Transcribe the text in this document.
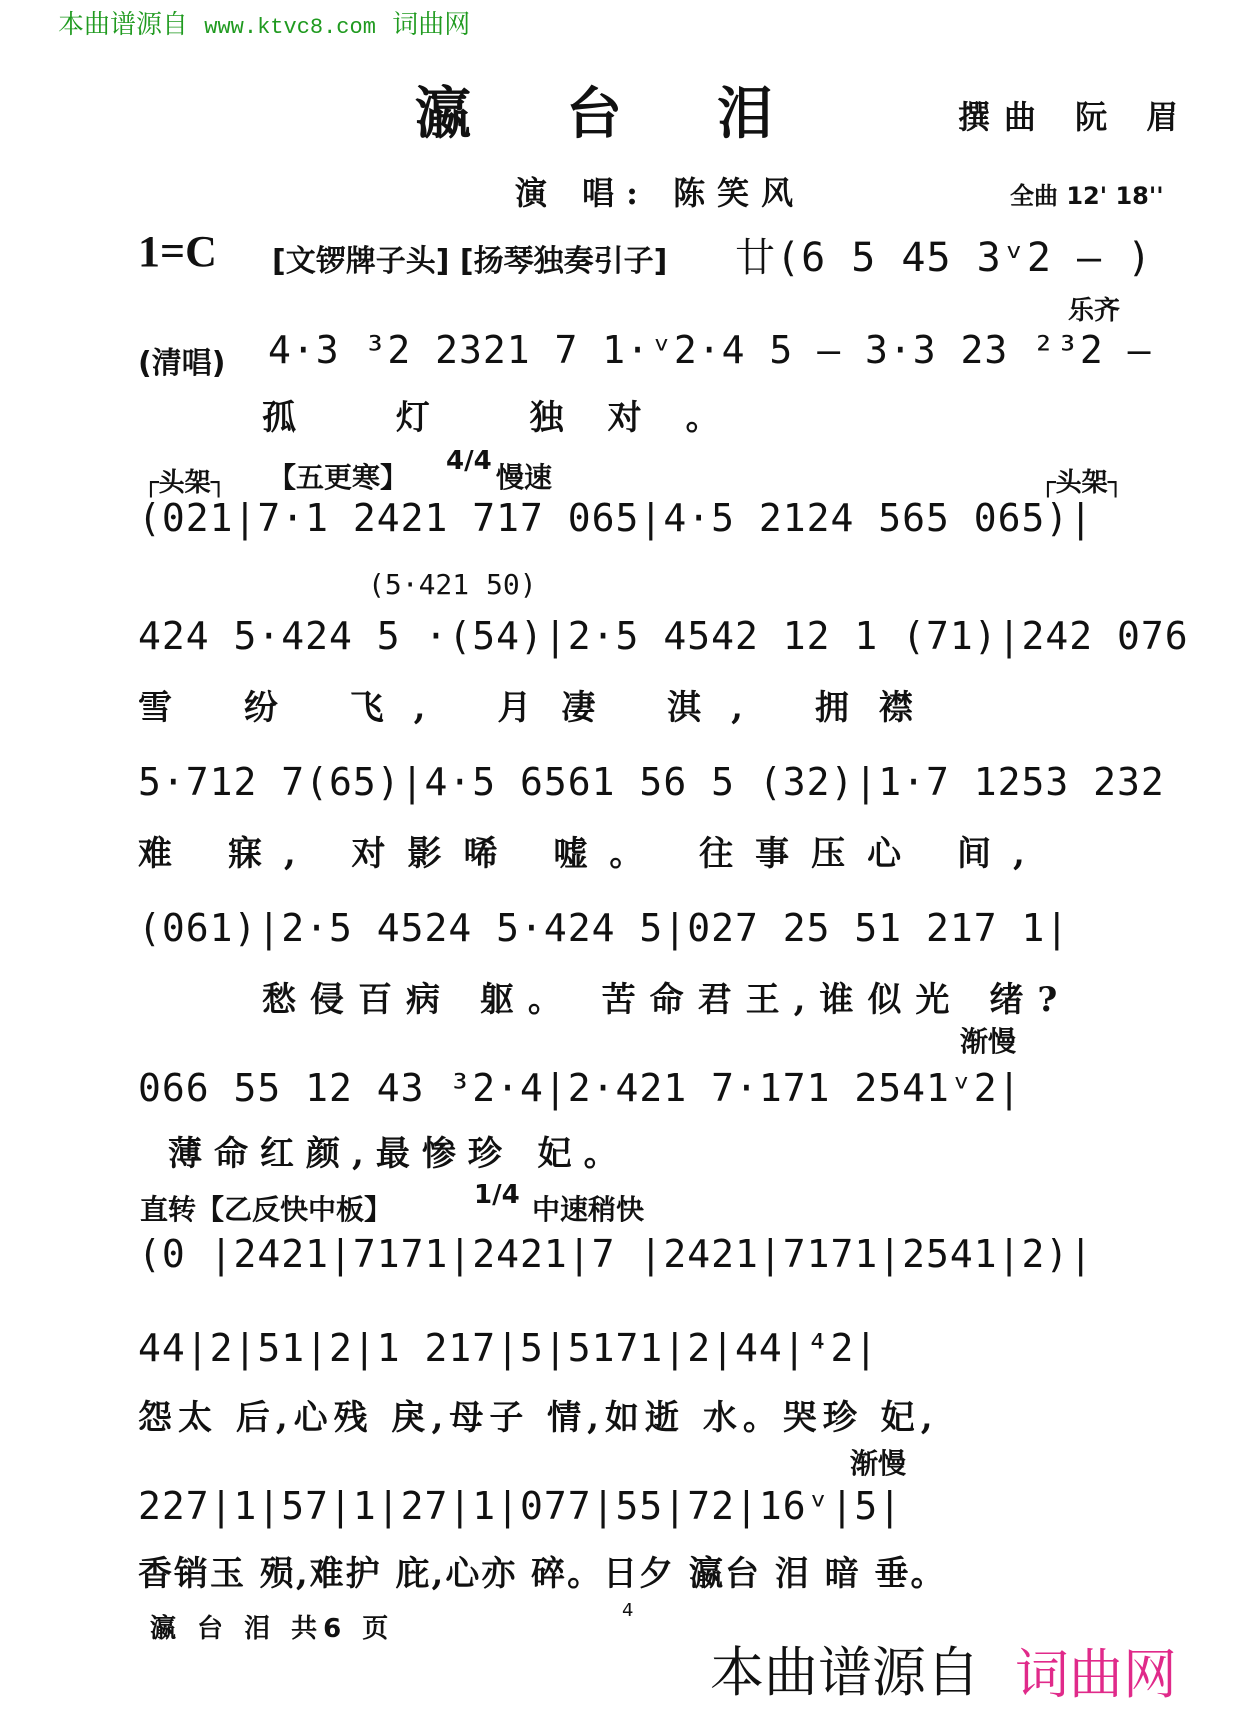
本曲谱源自 www.ktvc8.com 词曲网
瀛台泪	撰曲 阮 眉
演 唱: 陈笑风	全曲 12' 18''
1=C [文锣牌子头] [扬琴独奏引子] 廿(6 5 45 3ᵛ2 — )
(清唱) 4·3 ³2 2321 7 1·ᵛ2·4 5 — 3·3 23 ²³2 —
乐齐
孤 灯 独对。
┌头架┐ 【五更寒】 4/4 慢速	┌头架┐
(021|7·1 2421 717 065|4·5 2124 565 065)|
(5·421 50)
424 5·424 5 ·(54)|2·5 4542 12 1 (71)|242 076
雪 纷 飞, 月凄 淇, 拥襟
5·712 7(65)|4·5 6561 56 5 (32)|1·7 1253 232
难 寐, 对影唏 嘘。 往事压心 间,
(061)|2·5 4524 5·424 5|027 25 51 217 1|
愁侵百病 躯。 苦命君王,谁似光 绪?
渐慢
066 55 12 43 ³2·4|2·421 7·171 2541ᵛ2|
薄命红颜,最惨珍 妃。
直转【乙反快中板】	1/4 中速稍快
(0 |2421|7171|2421|7 |2421|7171|2541|2)|
44|2|51|2|1 217|5|5171|2|44|⁴2|
怨太 后,心残 戾,母子 情,如逝 水。哭珍 妃,
渐慢
227|1|57|1|27|1|077|55|72|16ᵛ|5|
香销玉 殒,难护 庇,心亦 碎。日夕 瀛台 泪 暗 垂。
瀛 台 泪 共6 页
4
本曲谱源自 词曲网
